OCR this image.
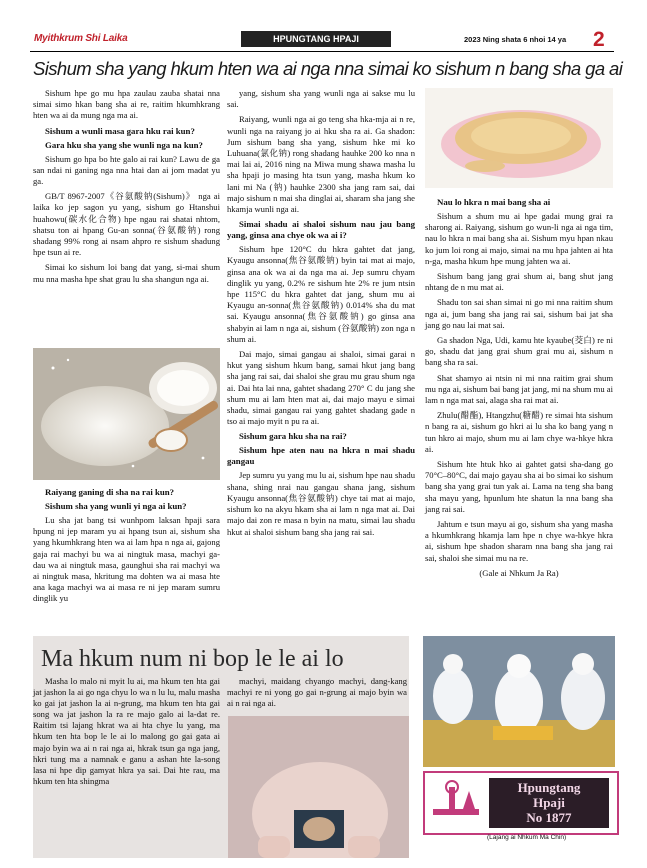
Myithkrum Shi Laika	HPUNGTANG HPAJI	2023 Ning shata 6 nhoi 14 ya 2
Sishum sha yang hkum hten wa ai nga nna simai ko sishum n bang sha ga ai

Sishum hpe go mu hpa zaulau zauba shatai nna simai simo hkan bang sha ai re, raitim hkumhkrang hten wa ai da mung nga ma ai.

Sishum a wunli masa gara hku rai kun?
Gara hku sha yang she wunli nga na kun?

Sishum go hpa bo hte galo ai rai kun? Lawu de ga san ndai ni ganing nga nna htai dan ai jom madat yu ga.

GB/T 8967-2007《谷氨酸钠(Sishum)》 nga ai laika ko jep sagon yu yang, sishum go Htanshui huahowu(碳水化合物) hpe ngau rai shatai nhtom, shatsu ton ai hpang Gu-an sonna(谷氨酸钠) rong shadang 99% rong ai nsam ahpro re sishum shadung hpe tsun ai re.

Simai ko sishum loi bang dat yang, si-mai shum mu nna masha hpe shat grau lu sha shangun nga ai.

Raiyang ganing di sha na rai kun?
Sishum sha yang wunli yi nga ai kun?

Lu sha jat bang tsi wunhpom laksan hpaji sara hpung ni jep maram yu ai hpang tsun ai, sishum sha yang hkumhkrang hten wa ai lam hpa n nga ai, gajong gaja rai machyi bu wa ai ningtuk masa, machyi ga-dau wa ai ningtuk masa, gaunghui sha rai machyi wa ai ningtuk masa, hkritung ma dohten wa ai masa hte ana kaga machyi wa ai masa re ni jep maram sumru dinglik yu

yang, sishum sha yang wunli nga ai sakse mu lu sai.

Raiyang, wunli nga ai go teng sha hka-mja ai n re, wunli nga na raiyang jo ai hku sha ra ai. Ga shadon: Jum sishum bang sha yang, sishum hke mi ko Luhuana(氯化钠) rong shadang hauhke 200 ko nna n mai lai ai, 2016 ning na Miwa mung shawa masha lu sha hpaji jo masing hta tsun yang, masha hkum ko lani mi Na (钠) hauhke 2300 sha jang ram sai, dai majo sishum n mai sha dinglai ai, sharam sha jang she hkamja wunli nga ai.

Simai shadu ai shaloi sishum nau jau bang yang, ginsa ana chye ok wa ai i?

Sishum hpe 120°C du hkra gahtet dat jang, Kyaugu ansonna(焦谷氨酸钠) byin tai mat ai majo, ginsa ana ok wa ai da nga ma ai. Jep sumru chyam dinglik yu yang, 0.2% re sishum hte 2% re jum ntsin hpe 115°C du hkra gahtet dat jang, shum mu ai Kyaugu an-sonna(焦谷氨酸钠) 0.014% sha du mat sai. Kyaugu ansonna(焦谷氨酸钠) go ginsa ana shabyin ai lam n nga ai, sishum (谷氨酸钠) zon nga n shum ai.

Dai majo, simai gangau ai shaloi, simai garai n hkut yang sishum hkum bang, samai hkut jang bang sha jang rai sai, dai shaloi she grau mu grau shum nga ai. Dai hta lai nna, gahtet shadang 270° C du jang she shum mu ai lam hten mat ai, dai majo mayu e simai shadu, simai gangau rai yang gahtet shadang gade n tso ai majo myit n pu ra ai.

Sishum gara hku sha na rai?
Sishum hpe aten nau na hkra n mai shadu gangau

Jep sumru yu yang mu lu ai, sishum hpe nau shadu shana, shing nrai nau gangau shana jang, sishum Kyaugu ansonna(焦谷氨酸钠) chye tai mat ai majo, sishum ko na akyu hkam sha ai lam n nga mat ai. Dai majo dai zon re masa n byin na matu, simai lau shadu hkut ai shaloi sishum bang sha jang rai sai.

Nau lo hkra n mai bang sha ai

Sishum a shum mu ai hpe gadai mung grai ra sharong ai. Raiyang, sishum go wun-li nga ai nga tim, nau lo hkra n mai bang sha ai. Sishum myu hpan nkau ko jum loi rong ai majo, simai na mu hpa jahten ai hta n-ga, masha hkum hpe mung jahten wa ai.

Sishum bang jang grai shum ai, bang shut jang nhtang de n mu mat ai.

Shadu ton sai shan simai ni go mi nna raitim shum nga ai, jum bang sha jang rai sai, sishum bai jat sha jang go nau lai mat sai.

Ga shadon Nga, Udi, kamu hte kyaube(茭白) re ni go, shadu dat jang grai shum grai mu ai, sishum n bang sha ra sai.

Shat shamyo ai ntsin ni mi nna raitim grai shum mu nga ai, sishum bai bang jat jang, mi na shum mu ai lam n nga mat sai, alaga sha rai mat ai.

Zhulu(醋酯), Htangzhu(糖醋) re simai hta sishum n bang ra ai, sishum go hkri ai lu sha ko bang yang n tun hkro ai majo, shum mu ai lam chye wa-hkye hkra ai.

Sishum hte htuk hko ai gahtet gatsi sha-dang go 70°C–80°C, dai majo gayau sha ai bo simai ko sishum bang sha yang grai tun yak ai. Lama na teng sha bang sha mayu yang, hpunlum hte shatun la nna bang sha jang rai sai.

Jahtum e tsun mayu ai go, sishum sha yang masha a hkumhkrang hkamja lam hpe n chye wa-hkye hkra ai, sishum hpe shadon sharam nna bang sha jang rai sai, shaloi she simai mu na re.

(Gale ai Nhkum Ja Ra)

Ma hkum num ni bop le le ai lo

Masha lo malo ni myit lu ai, ma hkum ten hta gai jat jashon la ai go nga chyu lo wa n lu lu, malu masha ko gai jat jashon la ai n-grung, ma hkum ten hta gai song wa jat jashon la ra re majo galo ai la-dat re. Raitim tsi lajang hkrat wa ai hta chye lu yang, ma hkum ten hta bop le le ai lo malong go gai gata ai majo byin wa ai n rai nga ai, hkrak tsun ga nga jang, hkri tung ma a namnak e ganu a ashan hte la-song lasa ni hpe dip gamyat hkra ya sai. Dai hte rau, ma hkum ten hta shingma

machyi, maidang chyango machyi, dang-kang machyi re ni yong go gai n-grung ai majo byin wa ai n rai nga ai.

Hpungtang
Hpaji
No 1877
(Lajang ai Nhkum Ma Chin)
